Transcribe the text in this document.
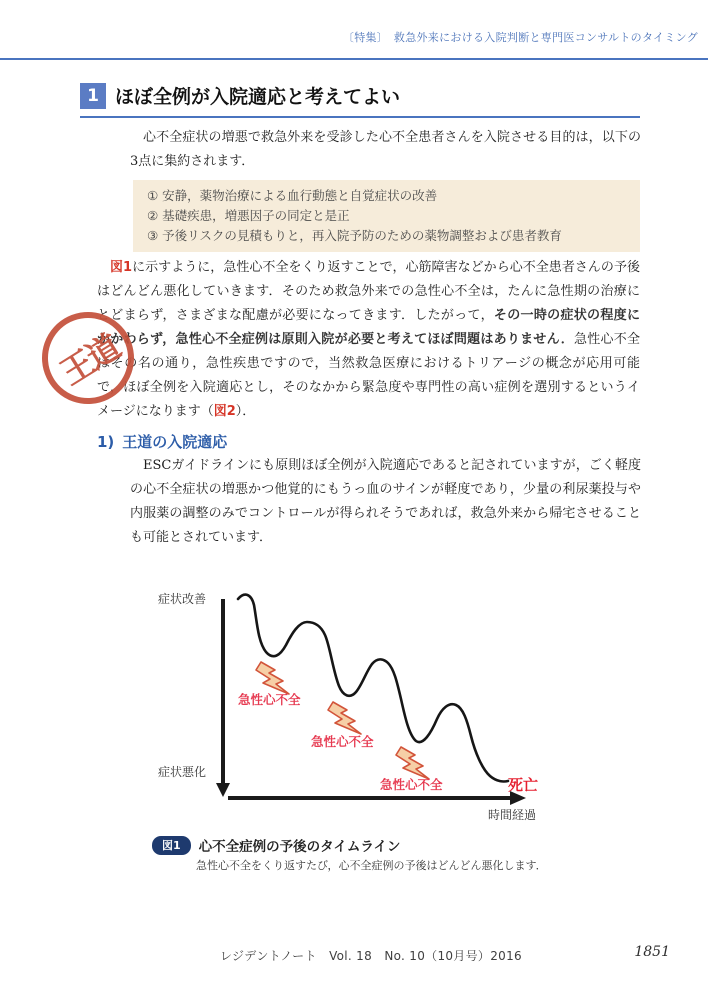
〔特集〕　救急外来における入院判断と専門医コンサルトのタイミング
1 ほぼ全例が入院適応と考えてよい
心不全症状の増悪で救急外来を受診した心不全患者さんを入院させる目的は，以下の3点に集約されます．
① 安静，薬物治療による血行動態と自覚症状の改善
② 基礎疾患，増悪因子の同定と是正
③ 予後リスクの見積もりと，再入院予防のための薬物調整および患者教育
図1に示すように，急性心不全をくり返すことで，心筋障害などから心不全患者さんの予後はどんどん悪化していきます．そのため救急外来での急性心不全は，たんに急性期の治療にとどまらず，さまざまな配慮が必要になってきます．したがって，その一時の症状の程度にかかわらず，急性心不全症例は原則入院が必要と考えてほぼ問題はありません．急性心不全はその名の通り，急性疾患ですので，当然救急医療におけるトリアージの概念が応用可能で，ほぼ全例を入院適応とし，そのなかから緊急度や専門性の高い症例を選別するというイメージになります（図2）．
王道
1) 王道の入院適応
ESCガイドラインにも原則ほぼ全例が入院適応であると記されていますが，ごく軽度の心不全症状の増悪かつ他覚的にもうっ血のサインが軽度であり，少量の利尿薬投与や内服薬の調整のみでコントロールが得られそうであれば，救急外来から帰宅させることも可能とされています．
症状改善
症状悪化
時間経過
急性心不全
急性心不全
急性心不全	死亡
図1	心不全症例の予後のタイムライン
急性心不全をくり返すたび，心不全症例の予後はどんどん悪化します．
レジデントノート　Vol. 18　No. 10（10月号）2016	1851
